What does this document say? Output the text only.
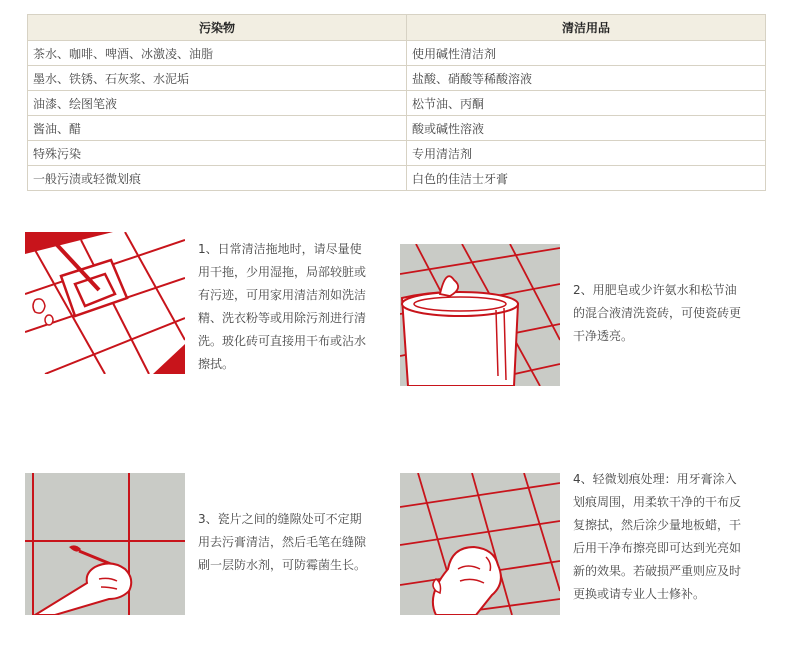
污染物	清洁用品
茶水、咖啡、啤酒、冰激凌、油脂	使用碱性清洁剂
墨水、铁锈、石灰浆、水泥垢	盐酸、硝酸等稀酸溶液
油漆、绘图笔液	松节油、丙酮
酱油、醋	酸或碱性溶液
特殊污染	专用清洁剂
一般污渍或轻微划痕	白色的佳洁士牙膏
1、日常清洁拖地时，请尽量使用干拖，少用湿拖，局部较脏或有污迹，可用家用清洁剂如洗洁精、洗衣粉等或用除污剂进行清洗。玻化砖可直接用干布或沾水擦拭。
2、用肥皂或少许氨水和松节油的混合液清洗瓷砖，可使瓷砖更干净透亮。
3、瓷片之间的缝隙处可不定期用去污膏清洁，然后毛笔在缝隙刷一层防水剂，可防霉菌生长。
4、轻微划痕处理：用牙膏涂入划痕周围，用柔软干净的干布反复擦拭，然后涂少量地板蜡，干后用干净布擦亮即可达到光亮如新的效果。若破损严重则应及时更换或请专业人士修补。
